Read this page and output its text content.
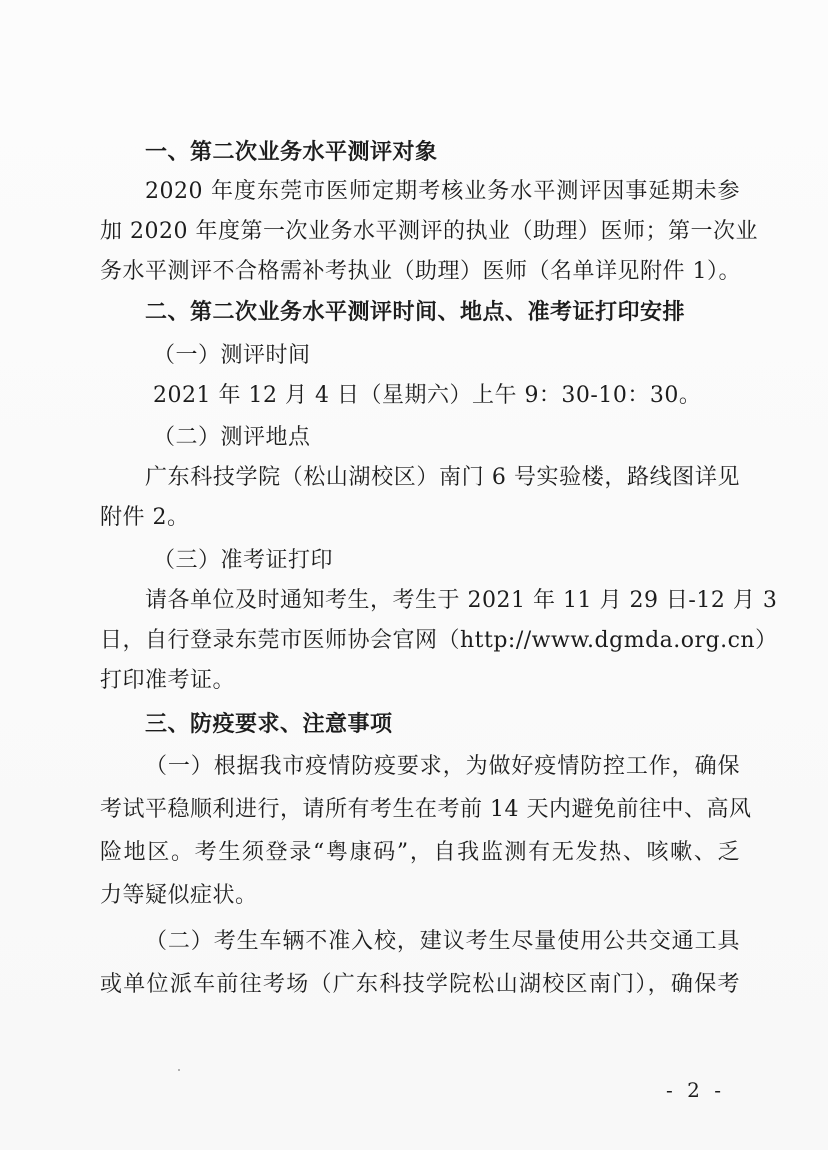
一、第二次业务水平测评对象
2020 年度东莞市医师定期考核业务水平测评因事延期未参
加 2020 年度第一次业务水平测评的执业（助理）医师；第一次业
务水平测评不合格需补考执业（助理）医师（名单详见附件 1）。
二、第二次业务水平测评时间、地点、准考证打印安排
（一）测评时间
2021 年 12 月 4 日（星期六）上午 9：30-10：30。
（二）测评地点
广东科技学院（松山湖校区）南门 6 号实验楼，路线图详见
附件 2。
（三）准考证打印
请各单位及时通知考生，考生于 2021 年 11 月 29 日-12 月 3
日，自行登录东莞市医师协会官网（http://www.dgmda.org.cn）
打印准考证。
三、防疫要求、注意事项
（一）根据我市疫情防疫要求，为做好疫情防控工作，确保
考试平稳顺利进行，请所有考生在考前 14 天内避免前往中、高风
险地区。考生须登录“粤康码”，自我监测有无发热、咳嗽、乏
力等疑似症状。
（二）考生车辆不准入校，建议考生尽量使用公共交通工具
或单位派车前往考场（广东科技学院松山湖校区南门），确保考
- 2 -
